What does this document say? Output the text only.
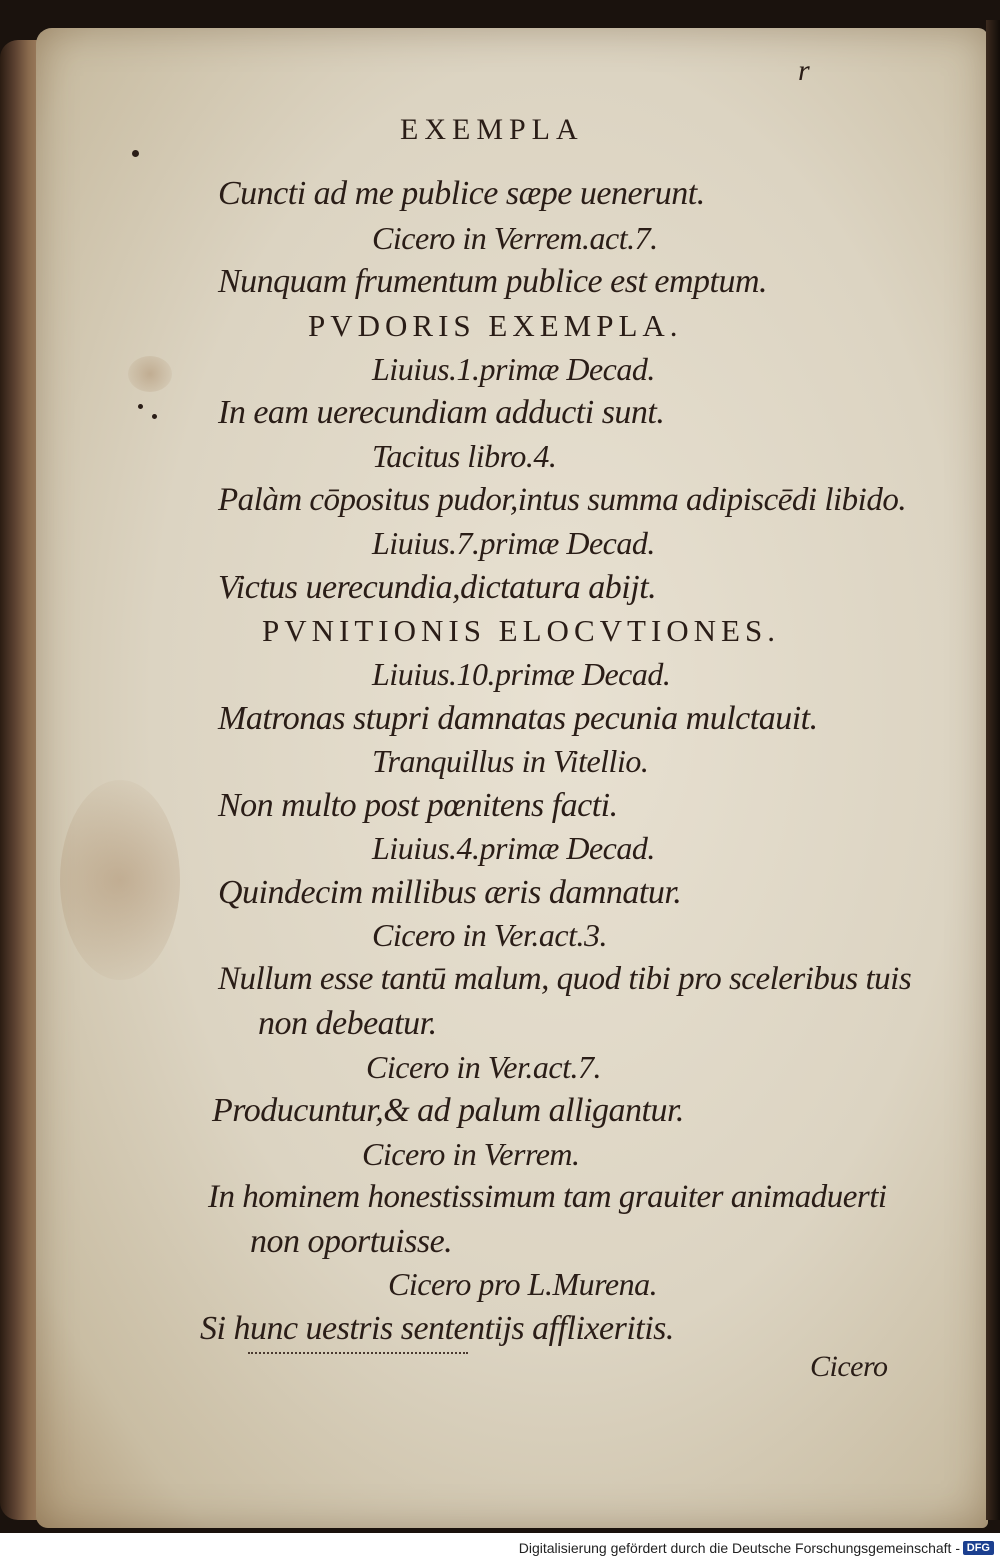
r
EXEMPLA
Cuncti ad me publice sæpe uenerunt.
Cicero in Verrem.act.7.
Nunquam frumentum publice est emptum.
PVDORIS EXEMPLA.
Liuius.1.primæ Decad.
In eam uerecundiam adducti sunt.
Tacitus libro.4.
Palàm cōpositus pudor,intus summa adipiscēdi libido.
Liuius.7.primæ Decad.
Victus uerecundia,dictatura abijt.
PVNITIONIS ELOCVTIONES.
Liuius.10.primæ Decad.
Matronas stupri damnatas pecunia mulctauit.
Tranquillus in Vitellio.
Non multo post pœnitens facti.
Liuius.4.primæ Decad.
Quindecim millibus æris damnatur.
Cicero in Ver.act.3.
Nullum esse tantū malum, quod tibi pro sceleribus tuis
non debeatur.
Cicero in Ver.act.7.
Producuntur,& ad palum alligantur.
Cicero in Verrem.
In hominem honestissimum tam grauiter animaduerti
non oportuisse.
Cicero pro L.Murena.
Si hunc uestris sententijs afflixeritis.
Cicero
Digitalisierung gefördert durch die Deutsche Forschungsgemeinschaft - DFG
